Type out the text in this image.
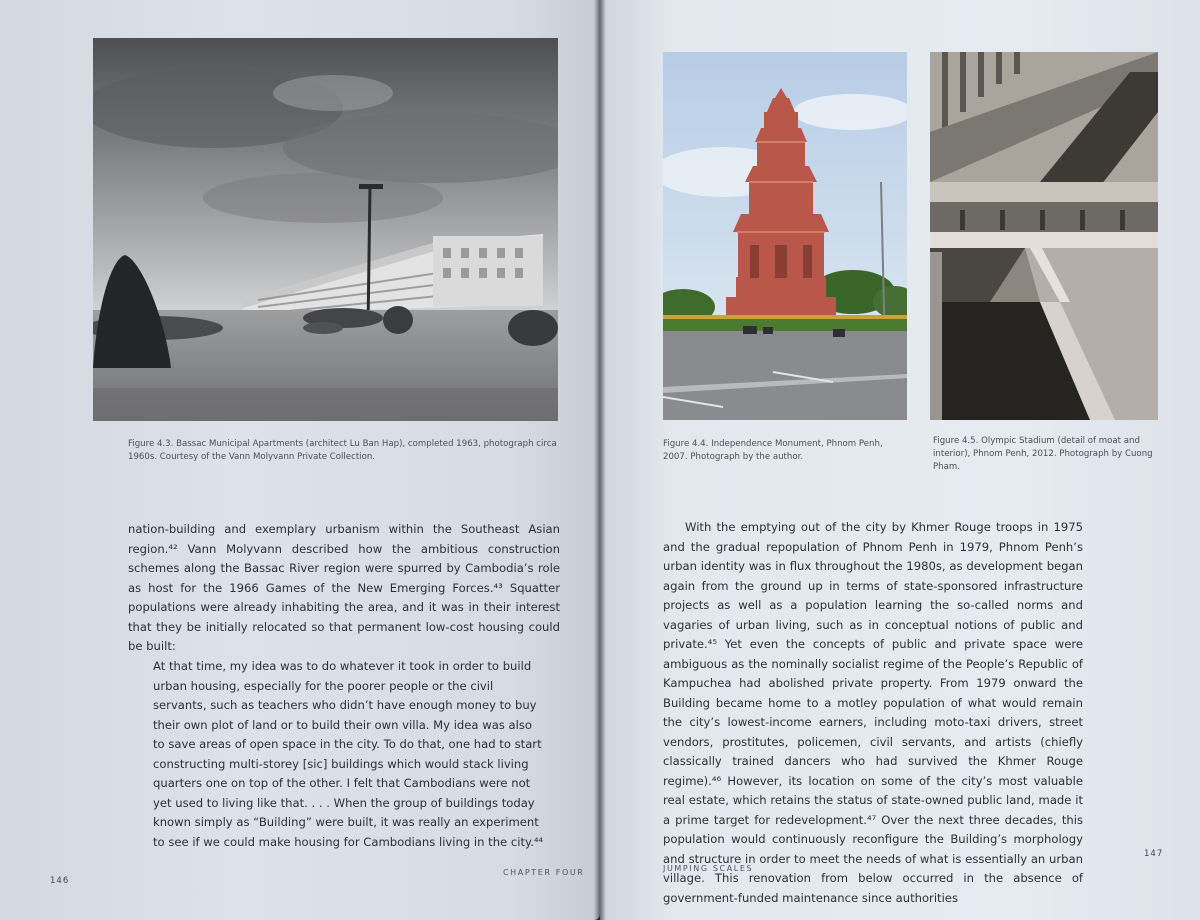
Figure 4.3. Bassac Municipal Apartments (architect Lu Ban Hap), completed 1963, photograph circa 1960s. Courtesy of the Vann Molyvann Private Collection.

nation-building and exemplary urbanism within the Southeast Asian region.⁴² Vann Molyvann described how the ambitious construction schemes along the Bassac River region were spurred by Cambodia’s role as host for the 1966 Games of the New Emerging Forces.⁴³ Squatter populations were already inhabiting the area, and it was in their interest that they be initially relocated so that permanent low-cost housing could be built:

At that time, my idea was to do whatever it took in order to build urban housing, especially for the poorer people or the civil servants, such as teachers who didn’t have enough money to buy their own plot of land or to build their own villa. My idea was also to save areas of open space in the city. To do that, one had to start constructing multi-storey [sic] buildings which would stack living quarters one on top of the other. I felt that Cambodians were not yet used to living like that. . . . When the group of buildings today known simply as “Building” were built, it was really an experiment to see if we could make housing for Cambodians living in the city.⁴⁴

146
CHAPTER FOUR
Figure 4.4. Independence Monument, Phnom Penh, 2007. Photograph by the author.
Figure 4.5. Olympic Stadium (detail of moat and interior), Phnom Penh, 2012. Photograph by Cuong Pham.

With the emptying out of the city by Khmer Rouge troops in 1975 and the gradual repopulation of Phnom Penh in 1979, Phnom Penh’s urban identity was in flux throughout the 1980s, as development began again from the ground up in terms of state-sponsored infrastructure projects as well as a population learning the so-called norms and vagaries of urban living, such as in conceptual notions of public and private.⁴⁵ Yet even the concepts of public and private space were ambiguous as the nominally socialist regime of the People’s Republic of Kampuchea had abolished private property. From 1979 onward the Building became home to a motley population of what would remain the city’s lowest-income earners, including moto-taxi drivers, street vendors, prostitutes, policemen, civil servants, and artists (chiefly classically trained dancers who had survived the Khmer Rouge regime).⁴⁶ However, its location on some of the city’s most valuable real estate, which retains the status of state-owned public land, made it a prime target for redevelopment.⁴⁷ Over the next three decades, this population would continuously reconfigure the Building’s morphology and structure in order to meet the needs of what is essentially an urban village. This renovation from below occurred in the absence of government-funded maintenance since authorities

JUMPING SCALES
147
